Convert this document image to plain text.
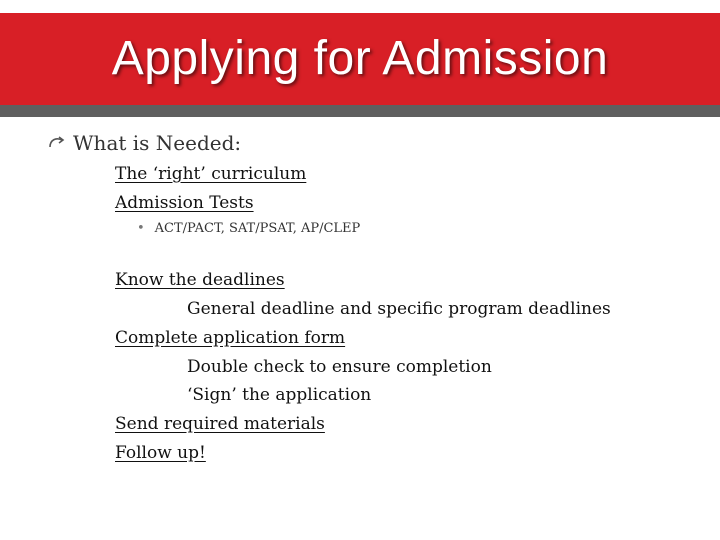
Applying for Admission
What is Needed:
The ‘right’ curriculum
Admission Tests
• ACT/PACT, SAT/PSAT, AP/CLEP
Know the deadlines
General deadline and specific program deadlines
Complete application form
Double check to ensure completion
‘Sign’ the application
Send required materials
Follow up!
